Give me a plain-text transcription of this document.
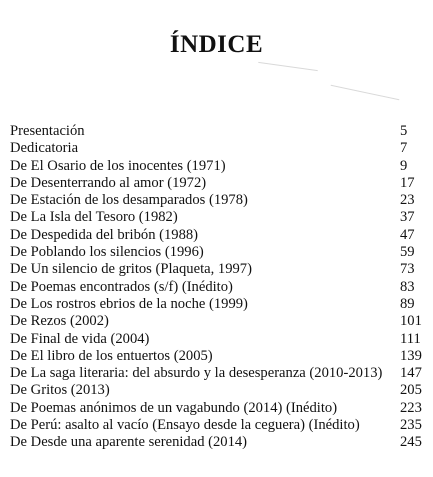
ÍNDICE
Presentación	5
Dedicatoria	7
De El Osario de los inocentes (1971)	9
De Desenterrando al amor (1972)	17
De Estación de los desamparados (1978)	23
De La Isla del Tesoro (1982)	37
De Despedida del bribón (1988)	47
De Poblando los silencios (1996)	59
De Un silencio de gritos (Plaqueta, 1997)	73
De Poemas encontrados (s/f) (Inédito)	83
De Los rostros ebrios de la noche (1999)	89
De Rezos (2002)	101
De Final de vida (2004)	111
De El libro de los entuertos (2005)	139
De La saga literaria: del absurdo y la desesperanza (2010-2013) 147
De Gritos (2013)	205
De Poemas anónimos de un vagabundo (2014) (Inédito)	223
De Perú: asalto al vacío (Ensayo desde la ceguera) (Inédito)	235
De Desde una aparente serenidad (2014)	245
